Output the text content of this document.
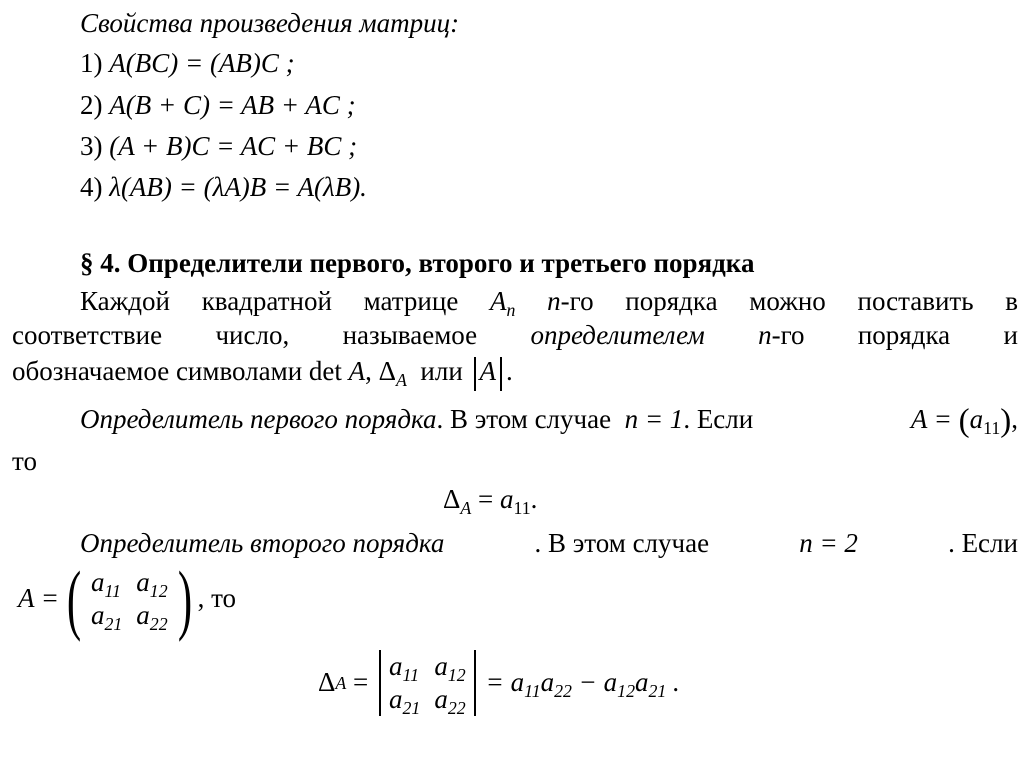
Свойства произведения матриц:
1) A(BC) = (AB)C ;
2) A(B + C) = AB + AC ;
3) (A + B)C = AC + BC ;
4) λ(AB) = (λA)B = A(λB).
§ 4. Определители первого, второго и третьего порядка
Каждой квадратной матрице $A_n$ n-го порядка можно поставить в
соответствие число, называемое определителем n-го порядка и
обозначаемое символами det A, $\Delta_A$ или A .
Определитель первого порядка. В этом случае n = 1. Если	$A = (a_{11})$,
то
$\Delta_A = a_{11}$.
Определитель второго порядка	. В этом случае	n = 2	. Если
A = ( $a_{11}$ $a_{12}$
$a_{21}$ $a_{22}$ ) , то
Δ A
=

$a_{11}$ $a_{12}$
$a_{21}$ $a_{22}$
= $a_{11}a_{22} - a_{12}a_{21}$ .
